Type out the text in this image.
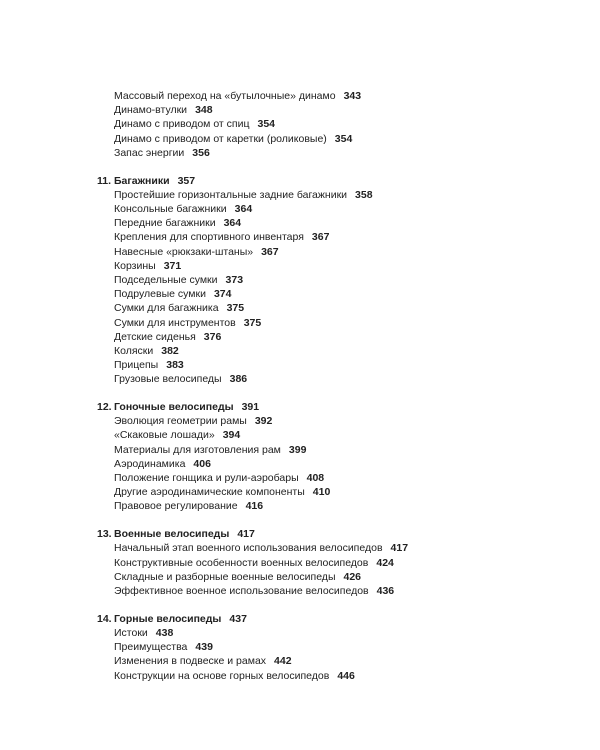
Массовый переход на «бутылочные» динамо 343
Динамо-втулки 348
Динамо с приводом от спиц 354
Динамо с приводом от каретки (роликовые) 354
Запас энергии 356
11. Багажники 357
Простейшие горизонтальные задние багажники 358
Консольные багажники 364
Передние багажники 364
Крепления для спортивного инвентаря 367
Навесные «рюкзаки-штаны» 367
Корзины 371
Подседельные сумки 373
Подрулевые сумки 374
Сумки для багажника 375
Сумки для инструментов 375
Детские сиденья 376
Коляски 382
Прицепы 383
Грузовые велосипеды 386
12. Гоночные велосипеды 391
Эволюция геометрии рамы 392
«Скаковые лошади» 394
Материалы для изготовления рам 399
Аэродинамика 406
Положение гонщика и рули-аэробары 408
Другие аэродинамические компоненты 410
Правовое регулирование 416
13. Военные велосипеды 417
Начальный этап военного использования велосипедов 417
Конструктивные особенности военных велосипедов 424
Складные и разборные военные велосипеды 426
Эффективное военное использование велосипедов 436
14. Горные велосипеды 437
Истоки 438
Преимущества 439
Изменения в подвеске и рамах 442
Конструкции на основе горных велосипедов 446
